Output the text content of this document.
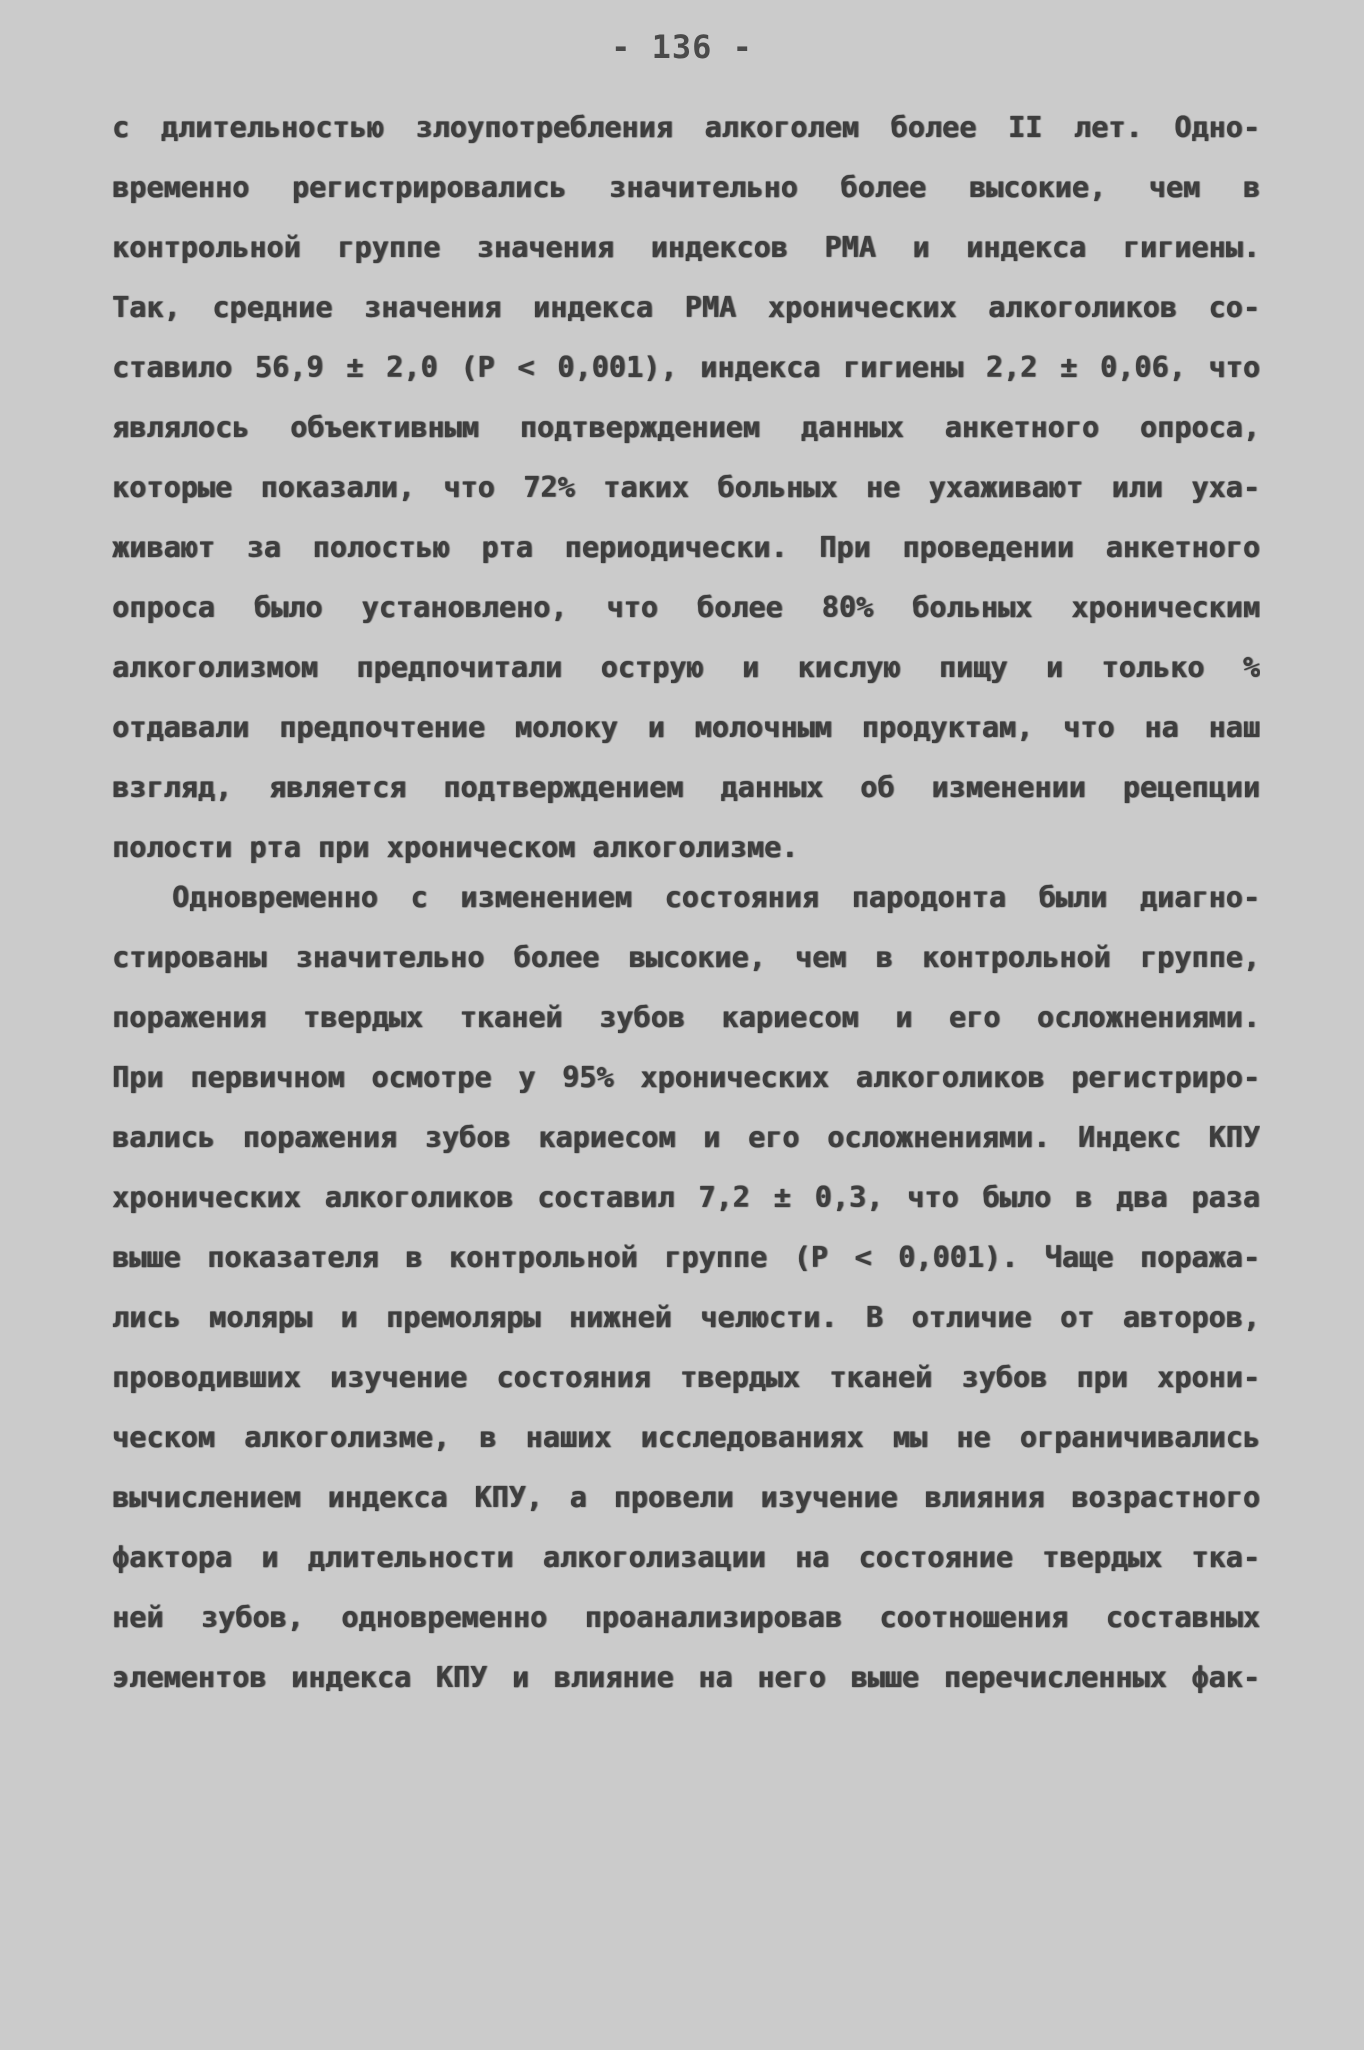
- 136 -
с длительностью злоупотребления алкоголем более II лет. Одно-
временно регистрировались значительно более высокие, чем в
контрольной группе значения индексов РМА и индекса гигиены.
Так, средние значения индекса РМА хронических алкоголиков со-
ставило 56,9 ± 2,0 (P < 0,001), индекса гигиены 2,2 ± 0,06, что
являлось объективным подтверждением данных анкетного опроса,
которые показали, что 72% таких больных не ухаживают или уха-
живают за полостью рта периодически. При проведении анкетного
опроса было установлено, что более 80% больных хроническим
алкоголизмом предпочитали острую и кислую пищу и только %
отдавали предпочтение молоку и молочным продуктам, что на наш
взгляд, является подтверждением данных об изменении рецепции
полости рта при хроническом алкоголизме.
Одновременно с изменением состояния пародонта были диагно-
стированы значительно более высокие, чем в контрольной группе,
поражения твердых тканей зубов кариесом и его осложнениями.
При первичном осмотре у 95% хронических алкоголиков регистриро-
вались поражения зубов кариесом и его осложнениями. Индекс КПУ
хронических алкоголиков составил 7,2 ± 0,3, что было в два раза
выше показателя в контрольной группе (P < 0,001). Чаще поража-
лись моляры и премоляры нижней челюсти. В отличие от авторов,
проводивших изучение состояния твердых тканей зубов при хрони-
ческом алкоголизме, в наших исследованиях мы не ограничивались
вычислением индекса КПУ, а провели изучение влияния возрастного
фактора и длительности алкоголизации на состояние твердых тка-
ней зубов, одновременно проанализировав соотношения составных
элементов индекса КПУ и влияние на него выше перечисленных фак-
